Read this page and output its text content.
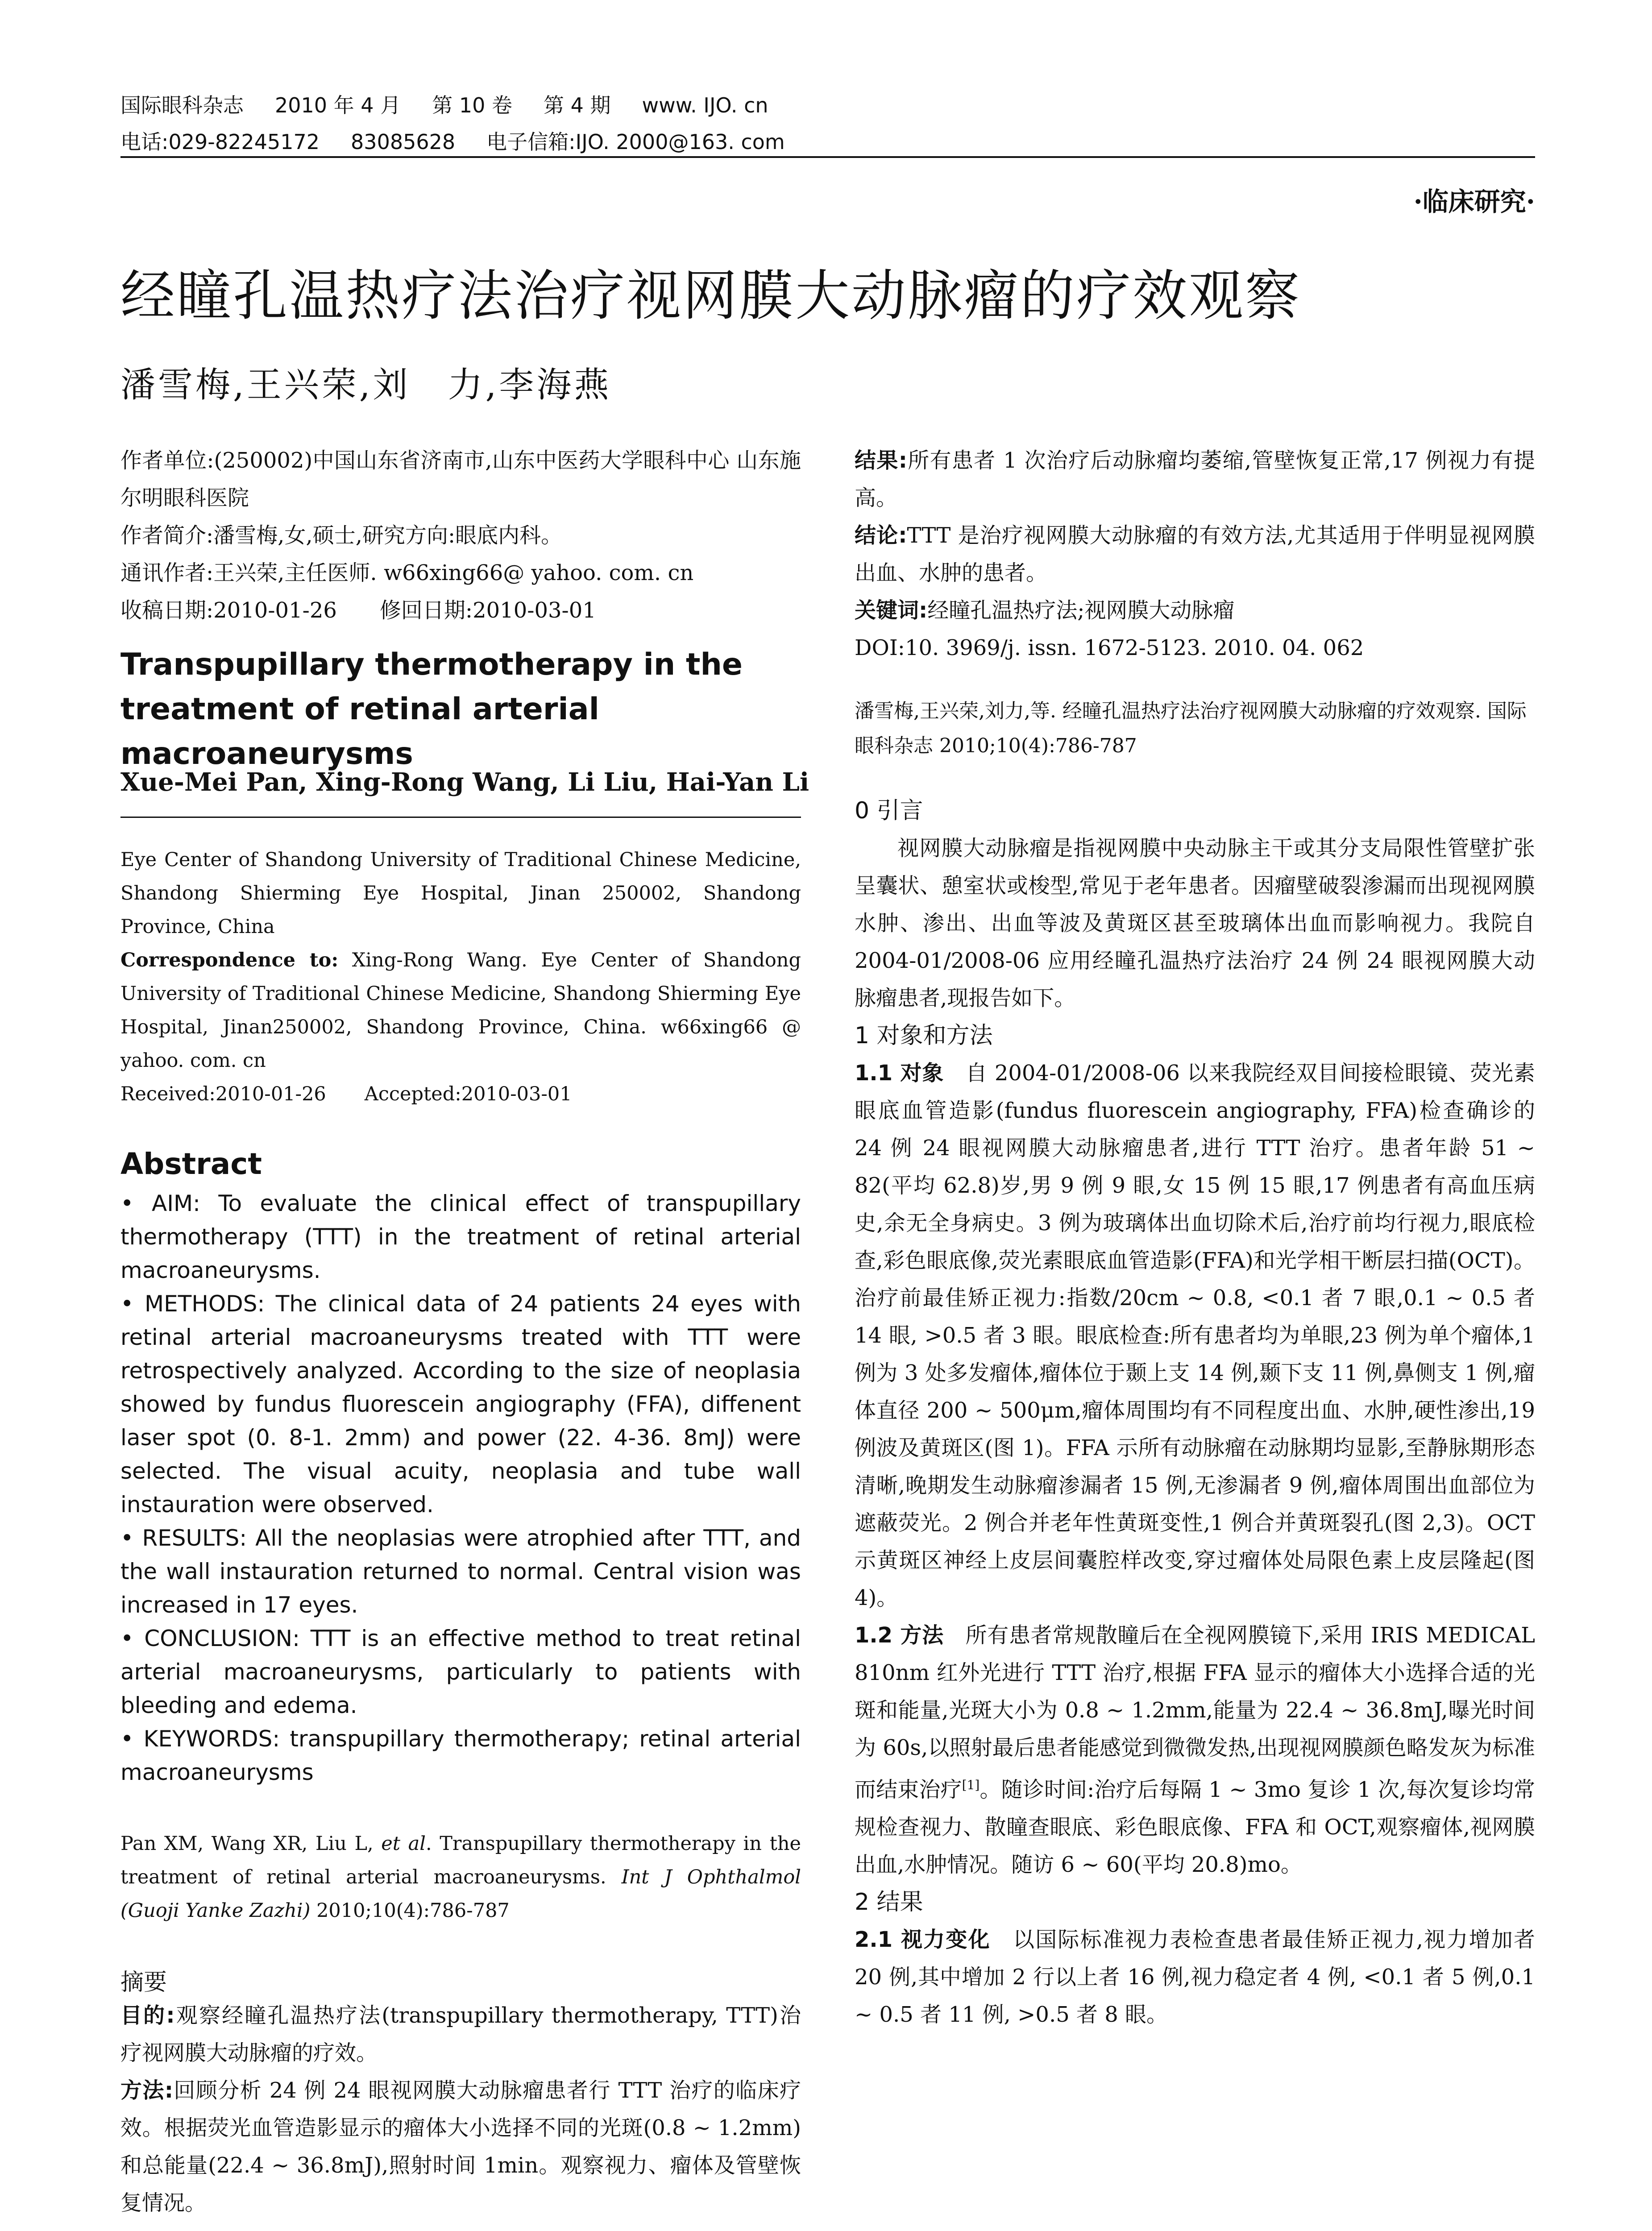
国际眼科杂志 2010 年 4 月 第 10 卷 第 4 期 www. IJO. cn
电话:029-82245172 83085628 电子信箱:IJO. 2000@163. com
·临床研究·
经瞳孔温热疗法治疗视网膜大动脉瘤的疗效观察
潘雪梅,王兴荣,刘　力,李海燕

作者单位:(250002)中国山东省济南市,山东中医药大学眼科中心 山东施尔明眼科医院

作者简介:潘雪梅,女,硕士,研究方向:眼底内科。

通讯作者:王兴荣,主任医师. w66xing66@ yahoo. com. cn

收稿日期:2010-01-26　　修回日期:2010-03-01

Transpupillary thermotherapy in the treatment of retinal arterial macroaneurysms
Xue-Mei Pan, Xing-Rong Wang, Li Liu, Hai-Yan Li

Eye Center of Shandong University of Traditional Chinese Medicine, Shandong Shierming Eye Hospital, Jinan 250002, Shandong Province, China

Correspondence to: Xing-Rong Wang. Eye Center of Shandong University of Traditional Chinese Medicine, Shandong Shierming Eye Hospital, Jinan250002, Shandong Province, China. w66xing66 @ yahoo. com. cn

Received:2010-01-26　　Accepted:2010-03-01

Abstract

• AIM: To evaluate the clinical effect of transpupillary thermotherapy (TTT) in the treatment of retinal arterial macroaneurysms.

• METHODS: The clinical data of 24 patients 24 eyes with retinal arterial macroaneurysms treated with TTT were retrospectively analyzed. According to the size of neoplasia showed by fundus fluorescein angiography (FFA), diffenent laser spot (0. 8-1. 2mm) and power (22. 4-36. 8mJ) were selected. The visual acuity, neoplasia and tube wall instauration were observed.

• RESULTS: All the neoplasias were atrophied after TTT, and the wall instauration returned to normal. Central vision was increased in 17 eyes.

• CONCLUSION: TTT is an effective method to treat retinal arterial macroaneurysms, particularly to patients with bleeding and edema.

• KEYWORDS: transpupillary thermotherapy; retinal arterial macroaneurysms

Pan XM, Wang XR, Liu L, et al. Transpupillary thermotherapy in the treatment of retinal arterial macroaneurysms. Int J Ophthalmol (Guoji Yanke Zazhi) 2010;10(4):786-787
摘要

目的:观察经瞳孔温热疗法(transpupillary thermotherapy, TTT)治疗视网膜大动脉瘤的疗效。

方法:回顾分析 24 例 24 眼视网膜大动脉瘤患者行 TTT 治疗的临床疗效。根据荧光血管造影显示的瘤体大小选择不同的光斑(0.8 ~ 1.2mm)和总能量(22.4 ~ 36.8mJ),照射时间 1min。观察视力、瘤体及管壁恢复情况。

结果:所有患者 1 次治疗后动脉瘤均萎缩,管壁恢复正常,17 例视力有提高。

结论:TTT 是治疗视网膜大动脉瘤的有效方法,尤其适用于伴明显视网膜出血、水肿的患者。

关键词:经瞳孔温热疗法;视网膜大动脉瘤

DOI:10. 3969/j. issn. 1672-5123. 2010. 04. 062

潘雪梅,王兴荣,刘力,等. 经瞳孔温热疗法治疗视网膜大动脉瘤的疗效观察. 国际眼科杂志 2010;10(4):786-787

0 引言

视网膜大动脉瘤是指视网膜中央动脉主干或其分支局限性管壁扩张呈囊状、憩室状或梭型,常见于老年患者。因瘤壁破裂渗漏而出现视网膜水肿、渗出、出血等波及黄斑区甚至玻璃体出血而影响视力。我院自 2004-01/2008-06 应用经瞳孔温热疗法治疗 24 例 24 眼视网膜大动脉瘤患者,现报告如下。

1 对象和方法

1.1 对象　自 2004-01/2008-06 以来我院经双目间接检眼镜、荧光素眼底血管造影(fundus fluorescein angiography, FFA)检查确诊的 24 例 24 眼视网膜大动脉瘤患者,进行 TTT 治疗。患者年龄 51 ~ 82(平均 62.8)岁,男 9 例 9 眼,女 15 例 15 眼,17 例患者有高血压病史,余无全身病史。3 例为玻璃体出血切除术后,治疗前均行视力,眼底检查,彩色眼底像,荧光素眼底血管造影(FFA)和光学相干断层扫描(OCT)。治疗前最佳矫正视力:指数/20cm ~ 0.8, <0.1 者 7 眼,0.1 ~ 0.5 者 14 眼, >0.5 者 3 眼。眼底检查:所有患者均为单眼,23 例为单个瘤体,1 例为 3 处多发瘤体,瘤体位于颞上支 14 例,颞下支 11 例,鼻侧支 1 例,瘤体直径 200 ~ 500μm,瘤体周围均有不同程度出血、水肿,硬性渗出,19 例波及黄斑区(图 1)。FFA 示所有动脉瘤在动脉期均显影,至静脉期形态清晰,晚期发生动脉瘤渗漏者 15 例,无渗漏者 9 例,瘤体周围出血部位为遮蔽荧光。2 例合并老年性黄斑变性,1 例合并黄斑裂孔(图 2,3)。OCT 示黄斑区神经上皮层间囊腔样改变,穿过瘤体处局限色素上皮层隆起(图4)。

1.2 方法　所有患者常规散瞳后在全视网膜镜下,采用 IRIS MEDICAL 810nm 红外光进行 TTT 治疗,根据 FFA 显示的瘤体大小选择合适的光斑和能量,光斑大小为 0.8 ~ 1.2mm,能量为 22.4 ~ 36.8mJ,曝光时间为 60s,以照射最后患者能感觉到微微发热,出现视网膜颜色略发灰为标准而结束治疗[1]。随诊时间:治疗后每隔 1 ~ 3mo 复诊 1 次,每次复诊均常规检查视力、散瞳查眼底、彩色眼底像、FFA 和 OCT,观察瘤体,视网膜出血,水肿情况。随访 6 ~ 60(平均 20.8)mo。

2 结果

2.1 视力变化　以国际标准视力表检查患者最佳矫正视力,视力增加者 20 例,其中增加 2 行以上者 16 例,视力稳定者 4 例, <0.1 者 5 例,0.1 ~ 0.5 者 11 例, >0.5 者 8 眼。
